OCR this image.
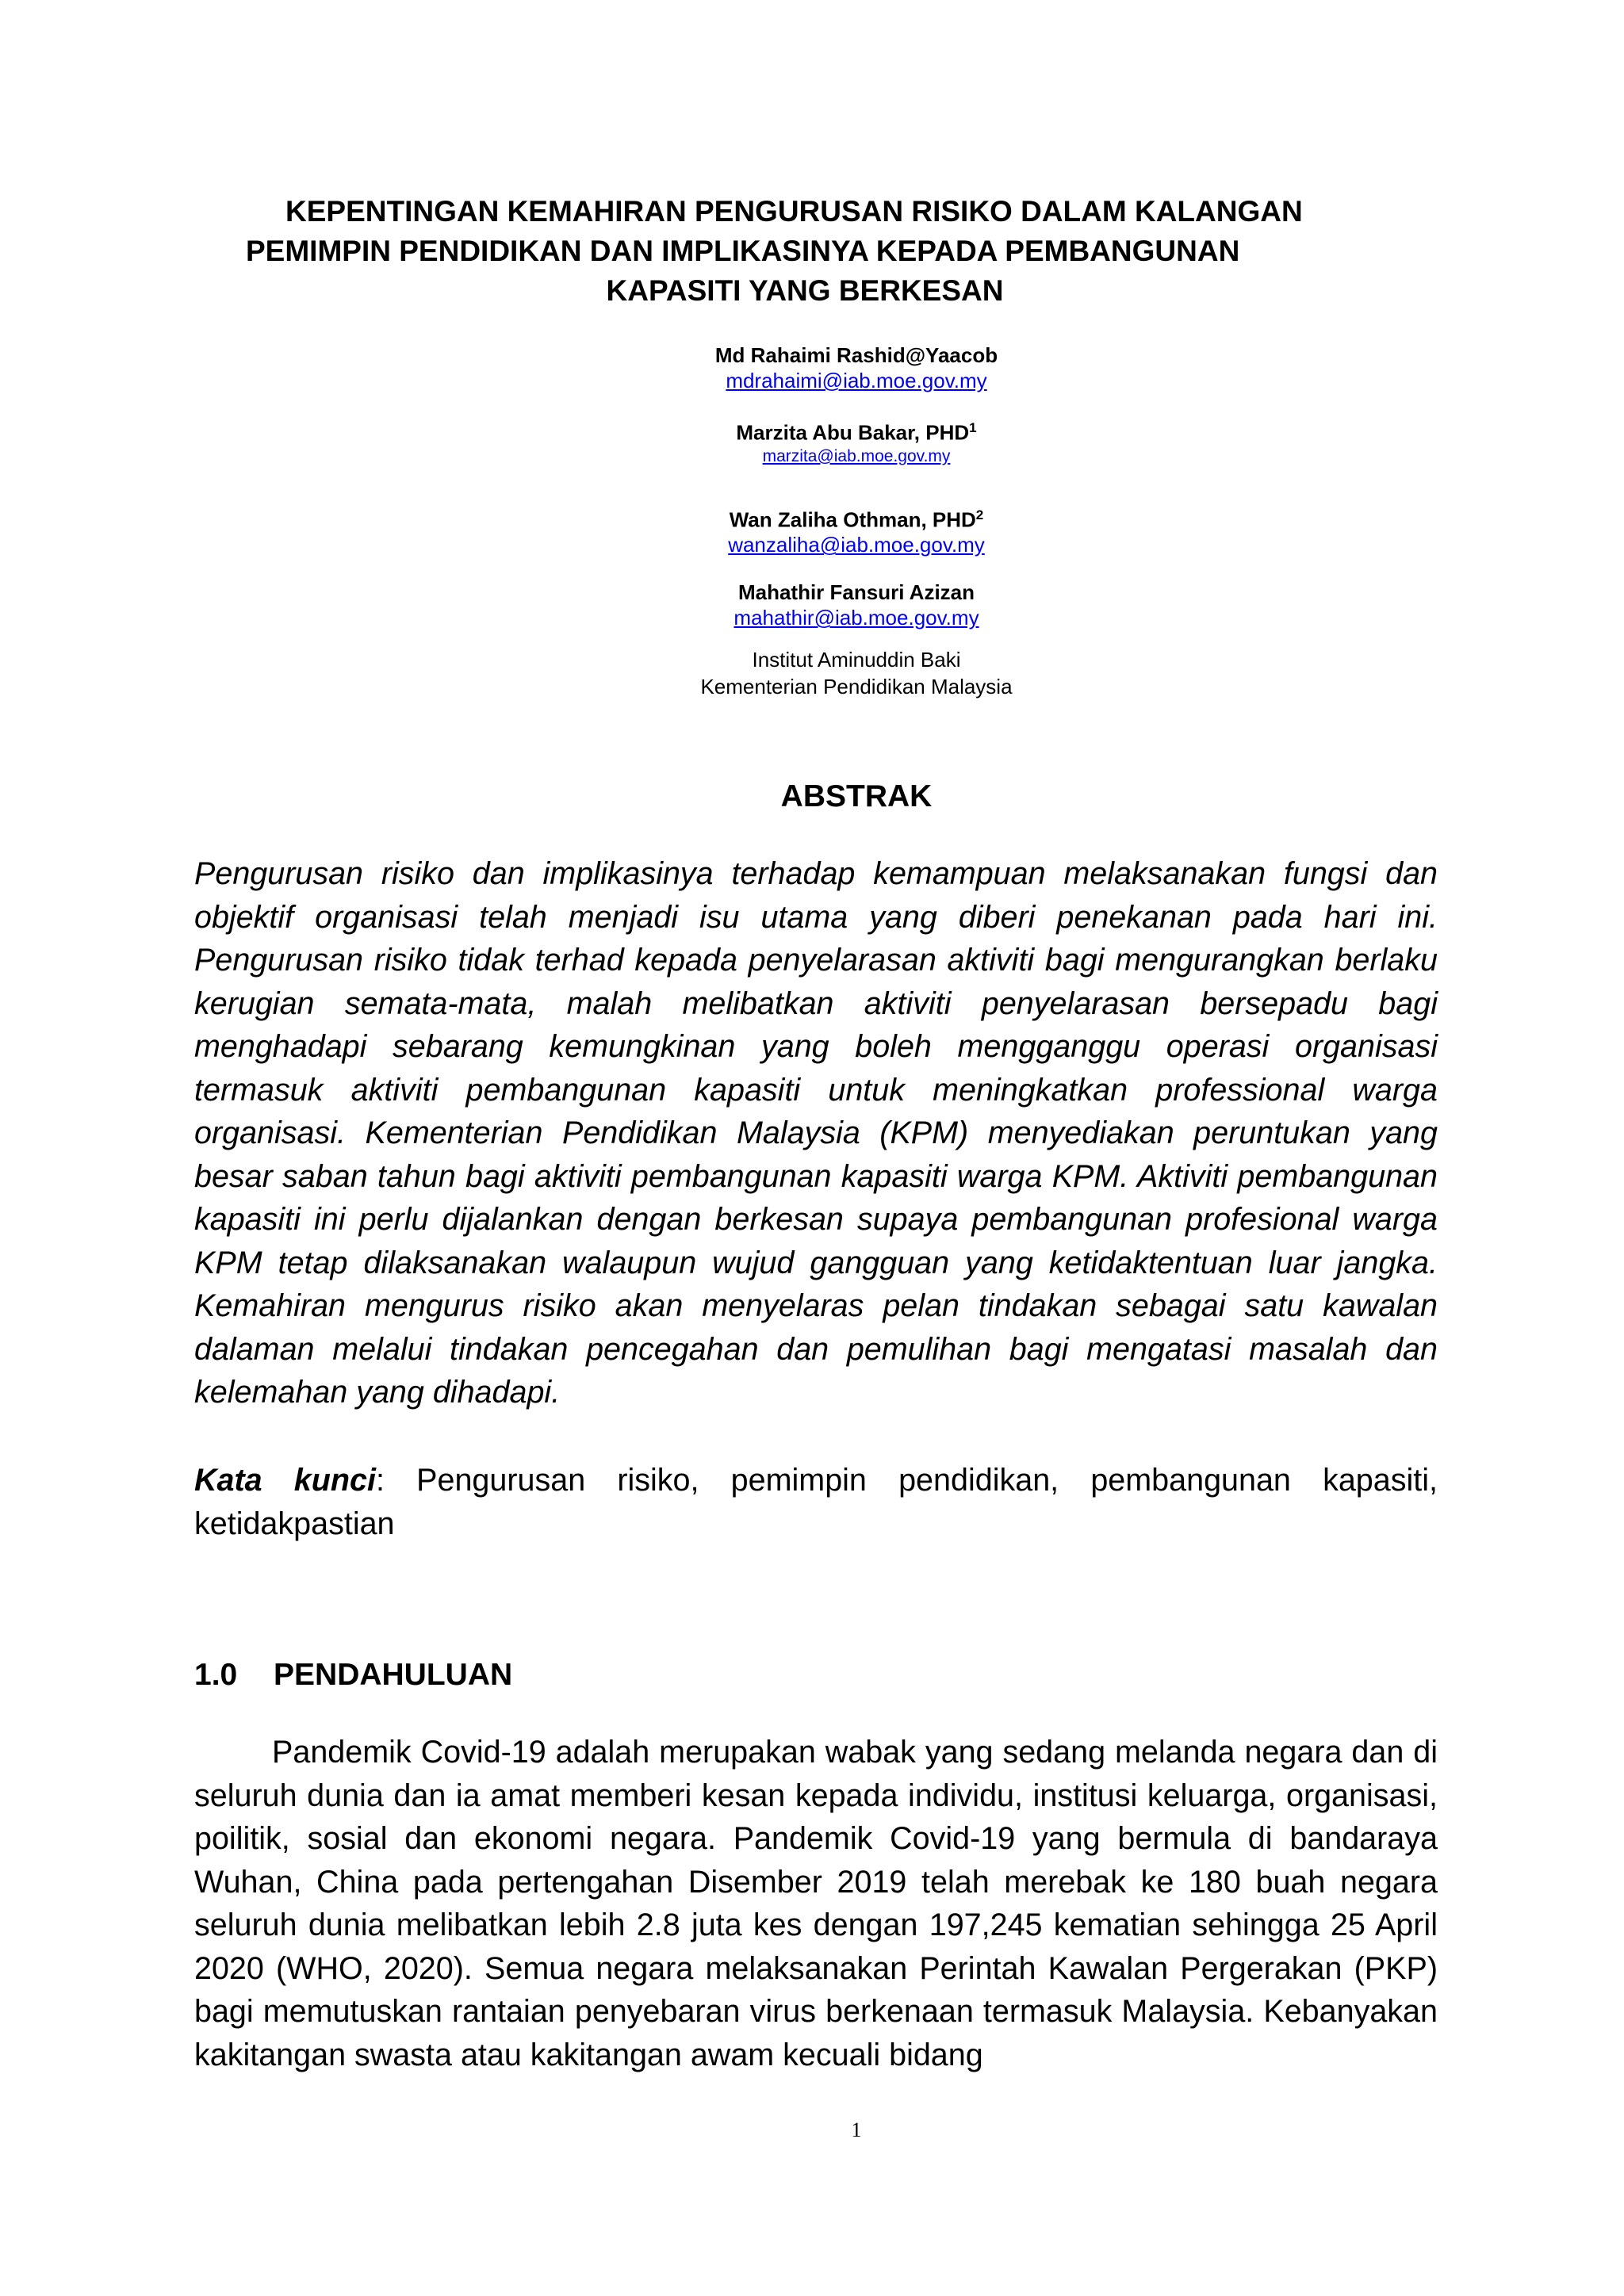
KEPENTINGAN KEMAHIRAN PENGURUSAN RISIKO DALAM KALANGAN
PEMIMPIN PENDIDIKAN DAN IMPLIKASINYA KEPADA PEMBANGUNAN
KAPASITI YANG BERKESAN
Md Rahaimi Rashid@Yaacob
mdrahaimi@iab.moe.gov.my
Marzita Abu Bakar, PHD$^1$
marzita@iab.moe.gov.my
Wan Zaliha Othman, PHD$^2$
wanzaliha@iab.moe.gov.my
Mahathir Fansuri Azizan
mahathir@iab.moe.gov.my
Institut Aminuddin Baki
Kementerian Pendidikan Malaysia
ABSTRAK
Pengurusan risiko dan implikasinya terhadap kemampuan melaksanakan fungsi dan objektif organisasi telah menjadi isu utama yang diberi penekanan pada hari ini. Pengurusan risiko tidak terhad kepada penyelarasan aktiviti bagi mengurangkan berlaku kerugian semata-mata, malah melibatkan aktiviti penyelarasan bersepadu bagi menghadapi sebarang kemungkinan yang boleh mengganggu operasi organisasi termasuk aktiviti pembangunan kapasiti untuk meningkatkan professional warga organisasi. Kementerian Pendidikan Malaysia (KPM) menyediakan peruntukan yang besar saban tahun bagi aktiviti pembangunan kapasiti warga KPM. Aktiviti pembangunan kapasiti ini perlu dijalankan dengan berkesan supaya pembangunan profesional warga KPM tetap dilaksanakan walaupun wujud gangguan yang ketidaktentuan luar jangka. Kemahiran mengurus risiko akan menyelaras pelan tindakan sebagai satu kawalan dalaman melalui tindakan pencegahan dan pemulihan bagi mengatasi masalah dan kelemahan yang dihadapi.
Kata kunci: Pengurusan risiko, pemimpin pendidikan, pembangunan kapasiti, ketidakpastian
1.0 PENDAHULUAN
Pandemik Covid-19 adalah merupakan wabak yang sedang melanda negara dan di seluruh dunia dan ia amat memberi kesan kepada individu, institusi keluarga, organisasi, poilitik, sosial dan ekonomi negara. Pandemik Covid-19 yang bermula di bandaraya Wuhan, China pada pertengahan Disember 2019 telah merebak ke 180 buah negara seluruh dunia melibatkan lebih 2.8 juta kes dengan 197,245 kematian sehingga 25 April 2020 (WHO, 2020). Semua negara melaksanakan Perintah Kawalan Pergerakan (PKP) bagi memutuskan rantaian penyebaran virus berkenaan termasuk Malaysia. Kebanyakan kakitangan swasta atau kakitangan awam kecuali bidang
1
